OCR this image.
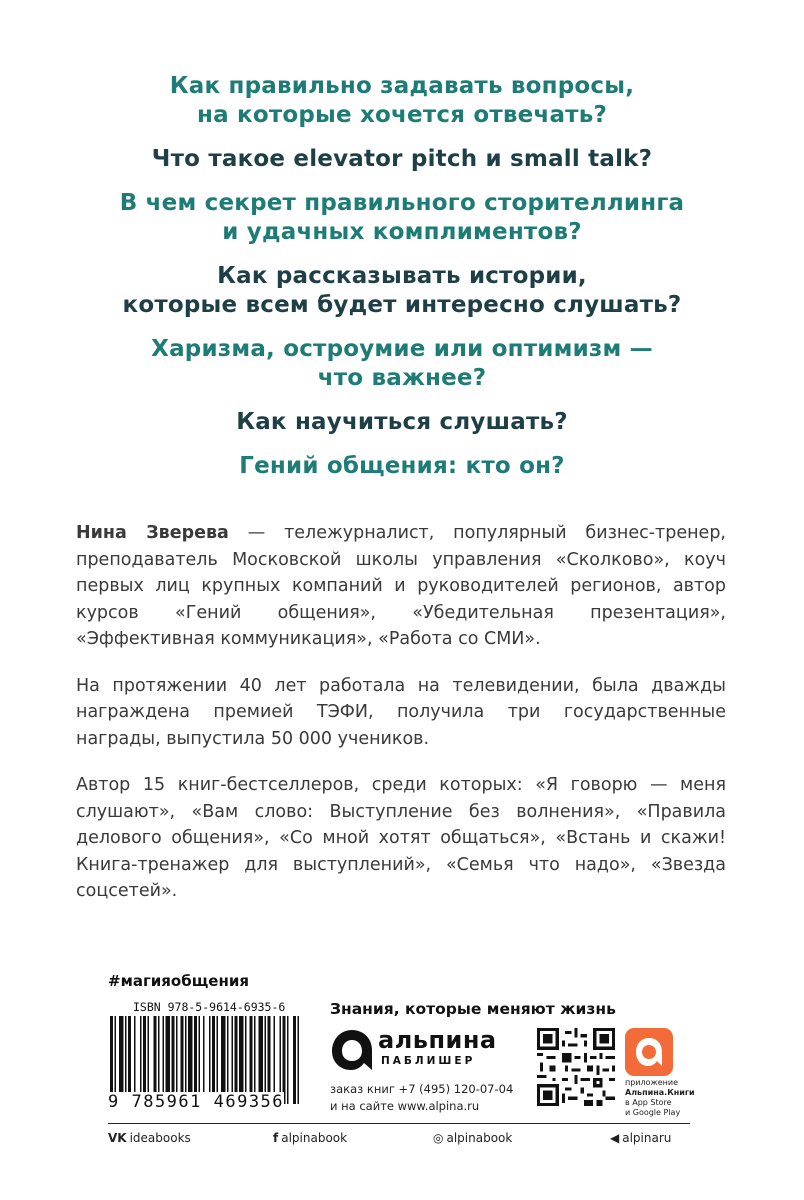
Как правильно задавать вопросы,
на которые хочется отвечать?
Что такое elevator pitch и small talk?
В чем секрет правильного сторителлинга
и удачных комплиментов?
Как рассказывать истории,
которые всем будет интересно слушать?
Харизма, остроумие или оптимизм —
что важнее?
Как научиться слушать?
Гений общения: кто он?

Нина Зверева — тележурналист, популярный бизнес-тренер, преподаватель Московской школы управления «Сколково», коуч первых лиц крупных компаний и руководителей регионов, автор курсов «Гений общения», «Убедительная презентация», «Эффективная коммуникация», «Работа со СМИ».

На протяжении 40 лет работала на телевидении, была дважды награждена премией ТЭФИ, получила три государственные награды, выпустила 50 000 учеников.

Автор 15 книг-бестселлеров, среди которых: «Я говорю — меня слушают», «Вам слово: Выступление без волнения», «Правила делового общения», «Со мной хотят общаться», «Встань и скажи! Книга-тренажер для выступлений», «Семья что надо», «Звезда соцсетей».

#магияобщения
ISBN 978-5-9614-6935-6
9 785961 469356
Знания, которые меняют жизнь
альпина
ПАБЛИШЕР
заказ книг +7 (495) 120-07-04
и на сайте www.alpina.ru
приложение
Альпина.Книги
в App Store
и Google Play
VK ideabooks	f alpinabook	◎ alpinabook	◀ alpinaru
